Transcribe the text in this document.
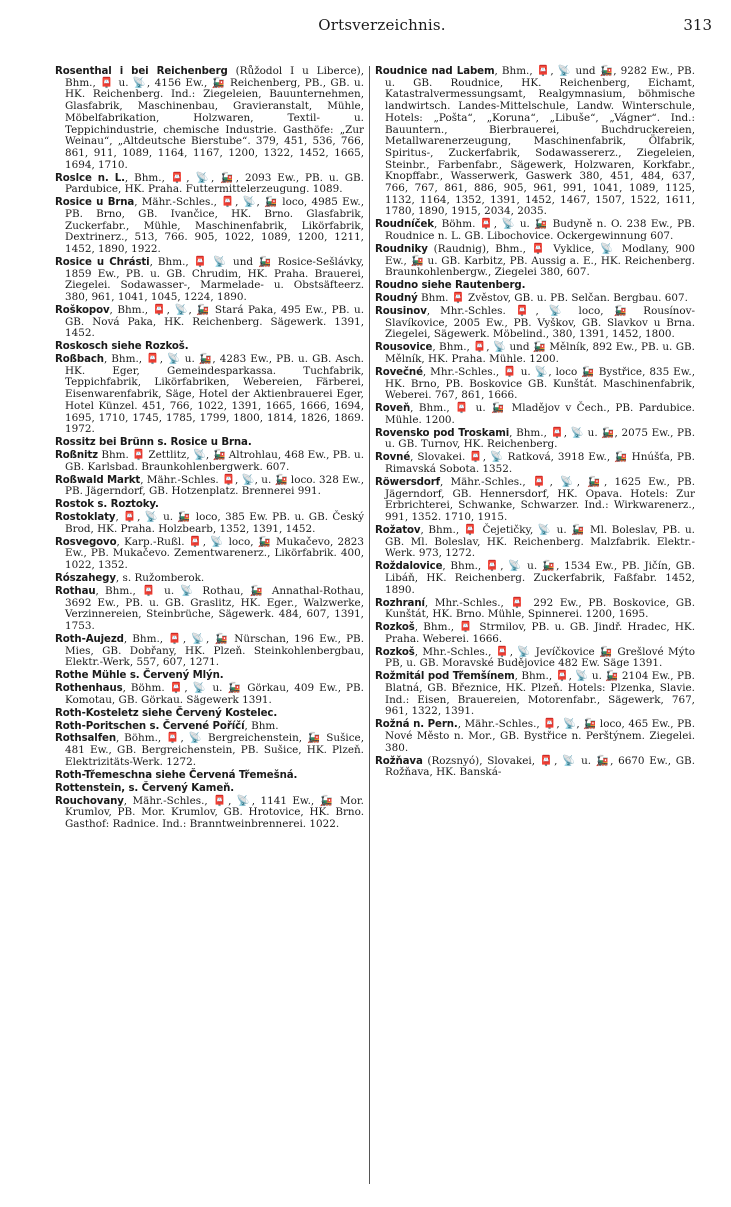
Ortsverzeichnis.	313

Rosenthal i bei Reichenberg (Růžodol I u Liberce), Bhm., 📮 u. 📡, 4156 Ew., 🚂 Reichenberg, PB., GB. u. HK. Reichenberg. Ind.: Ziegeleien, Bauunternehmen, Glasfabrik, Maschinenbau, Gravieranstalt, Mühle, Möbelfabrikation, Holzwaren, Textil- u. Teppichindustrie, chemische Industrie. Gasthöfe: „Zur Weinau“, „Altdeutsche Bierstube“. 379, 451, 536, 766, 861, 911, 1089, 1164, 1167, 1200, 1322, 1452, 1665, 1694, 1710.

Roslce n. L., Bhm., 📮, 📡, 🚂, 2093 Ew., PB. u. GB. Pardubice, HK. Praha. Futtermittelerzeugung. 1089.

Rosice u Brna, Mähr.-Schles., 📮, 📡, 🚂 loco, 4985 Ew., PB. Brno, GB. Ivančice, HK. Brno. Glasfabrik, Zuckerfabr., Mühle, Maschinenfabrik, Likörfabrik, Dextrinerz., 513, 766. 905, 1022, 1089, 1200, 1211, 1452, 1890, 1922.

Rosice u Chrásti, Bhm., 📮 📡 und 🚂 Rosice-Sešlávky, 1859 Ew., PB. u. GB. Chrudim, HK. Praha. Brauerei, Ziegelei. Sodawasser-, Marmelade- u. Obstsäfteerz. 380, 961, 1041, 1045, 1224, 1890.

Roškopov, Bhm., 📮, 📡, 🚂 Stará Paka, 495 Ew., PB. u. GB. Nová Paka, HK. Reichenberg. Sägewerk. 1391, 1452.

Roskosch siehe Rozkoš.

Roßbach, Bhm., 📮, 📡 u. 🚂, 4283 Ew., PB. u. GB. Asch. HK. Eger, Gemeindesparkassa. Tuchfabrik, Teppichfabrik, Likörfabriken, Webereien, Färberei, Eisenwarenfabrik, Säge, Hotel der Aktienbrauerei Eger, Hotel Künzel. 451, 766, 1022, 1391, 1665, 1666, 1694, 1695, 1710, 1745, 1785, 1799, 1800, 1814, 1826, 1869. 1972.

Rossitz bei Brünn s. Rosice u Brna.

Roßnitz Bhm. 📮 Zettlitz, 📡, 🚂 Altrohlau, 468 Ew., PB. u. GB. Karlsbad. Braunkohlenbergwerk. 607.

Roßwald Markt, Mähr.-Schles. 📮, 📡, u. 🚂 loco. 328 Ew., PB. Jägerndorf, GB. Hotzenplatz. Brennerei 991.

Rostok s. Roztoky.

Rostoklaty, 📮, 📡 u. 🚂 loco, 385 Ew. PB. u. GB. Český Brod, HK. Praha. Holzbearb, 1352, 1391, 1452.

Rosvegovo, Karp.-Rußl. 📮, 📡 loco, 🚂 Mukačevo, 2823 Ew., PB. Mukačevo. Zementwarenerz., Likörfabrik. 400, 1022, 1352.

Rószahegy, s. Ružomberok.

Rothau, Bhm., 📮 u. 📡 Rothau, 🚂 Annathal-Rothau, 3692 Ew., PB. u. GB. Graslitz, HK. Eger., Walzwerke, Verzinnereien, Steinbrüche, Sägewerk. 484, 607, 1391, 1753.

Roth-Aujezd, Bhm., 📮, 📡, 🚂 Nürschan, 196 Ew., PB. Mies, GB. Dobřany, HK. Plzeň. Steinkohlenbergbau, Elektr.-Werk, 557, 607, 1271.

Rothe Mühle s. Červený Mlýn.

Rothenhaus, Böhm. 📮, 📡 u. 🚂 Görkau, 409 Ew., PB. Komotau, GB. Görkau. Sägewerk 1391.

Roth-Kosteletz siehe Červený Kostelec.

Roth-Poritschen s. Červené Poříčí, Bhm.

Rothsalfen, Böhm., 📮, 📡 Bergreichenstein, 🚂 Sušice, 481 Ew., GB. Bergreichenstein, PB. Sušice, HK. Plzeň. Elektrizitäts-Werk. 1272.

Roth-Třemeschna siehe Červená Třemešná.

Rottenstein, s. Červený Kameň.

Rouchovany, Mähr.-Schles., 📮, 📡, 1141 Ew., 🚂 Mor. Krumlov, PB. Mor. Krumlov, GB. Hrotovice, HK. Brno. Gasthof: Radnice. Ind.: Branntweinbrennerei. 1022.

Roudnice nad Labem, Bhm., 📮, 📡 und 🚂, 9282 Ew., PB. u. GB. Roudnice, HK. Reichenberg, Eichamt, Katastralvermessungsamt, Realgymnasium, böhmische landwirtsch. Landes-Mittelschule, Landw. Winterschule, Hotels: „Pošta“, „Koruna“, „Libuše“, „Vágner“. Ind.: Bauuntern., Bierbrauerei, Buchdruckereien, Metallwarenerzeugung, Maschinenfabrik, Ölfabrik, Spiritus-, Zuckerfabrik, Sodawassererz., Ziegeleien, Steinbr., Farbenfabr., Sägewerk, Holzwaren, Korkfabr., Knopffabr., Wasserwerk, Gaswerk 380, 451, 484, 637, 766, 767, 861, 886, 905, 961, 991, 1041, 1089, 1125, 1132, 1164, 1352, 1391, 1452, 1467, 1507, 1522, 1611, 1780, 1890, 1915, 2034, 2035.

Roudníček, Böhm. 📮, 📡 u. 🚂 Budyně n. O. 238 Ew., PB. Roudnice n. L. GB. Libochovice. Ockergewinnung 607.

Roudniky (Raudnig), Bhm., 📮 Vyklice, 📡 Modlany, 900 Ew., 🚂 u. GB. Karbitz, PB. Aussig a. E., HK. Reichenberg. Braunkohlenbergw., Ziegelei 380, 607.

Roudno siehe Rautenberg.

Roudný Bhm. 📮 Zvěstov, GB. u. PB. Selčan. Bergbau. 607.

Rousinov, Mhr.-Schles. 📮, 📡 loco, 🚂 Rousínov-Slavíkovice, 2005 Ew., PB. Vyškov, GB. Slavkov u Brna. Ziegelei, Sägewerk. Möbelind., 380, 1391, 1452, 1800.

Rousovice, Bhm., 📮, 📡 und 🚂 Mělník, 892 Ew., PB. u. GB. Mělník, HK. Praha. Mühle. 1200.

Rovečné, Mhr.-Schles., 📮 u. 📡, loco 🚂 Bystřice, 835 Ew., HK. Brno, PB. Boskovice GB. Kunštát. Maschinenfabrik, Weberei. 767, 861, 1666.

Roveň, Bhm., 📮 u. 🚂 Mladějov v Čech., PB. Pardubice. Mühle. 1200.

Rovensko pod Troskami, Bhm., 📮, 📡 u. 🚂, 2075 Ew., PB. u. GB. Turnov, HK. Reichenberg.

Rovné, Slovakei. 📮, 📡 Ratková, 3918 Ew., 🚂 Hnúšťa, PB. Rimavská Sobota. 1352.

Röwersdorf, Mähr.-Schles., 📮, 📡, 🚂, 1625 Ew., PB. Jägerndorf, GB. Hennersdorf, HK. Opava. Hotels: Zur Erbrichterei, Schwanke, Schwarzer. Ind.: Wirkwarenerz., 991, 1352. 1710, 1915.

Rožatov, Bhm., 📮 Čejetičky, 📡 u. 🚂 Ml. Boleslav, PB. u. GB. Ml. Boleslav, HK. Reichenberg. Malzfabrik. Elektr.-Werk. 973, 1272.

Roždalovice, Bhm., 📮, 📡 u. 🚂, 1534 Ew., PB. Jičín, GB. Libáň, HK. Reichenberg. Zuckerfabrik, Faßfabr. 1452, 1890.

Rozhraní, Mhr.-Schles., 📮 292 Ew., PB. Boskovice, GB. Kunštát, HK. Brno. Mühle, Spinnerei. 1200, 1695.

Rozkoš, Bhm., 📮 Strmilov, PB. u. GB. Jindř. Hradec, HK. Praha. Weberei. 1666.

Rozkoš, Mhr.-Schles., 📮, 📡 Jevíčkovice 🚂 Grešlové Mýto PB, u. GB. Moravské Budějovice 482 Ew. Säge 1391.

Rožmitál pod Třemšínem, Bhm., 📮, 📡 u. 🚂 2104 Ew., PB. Blatná, GB. Březnice, HK. Plzeň. Hotels: Plzenka, Slavie. Ind.: Eisen, Brauereien, Motorenfabr., Sägewerk, 767, 961, 1322, 1391.

Rožná n. Pern., Mähr.-Schles., 📮, 📡, 🚂 loco, 465 Ew., PB. Nové Město n. Mor., GB. Bystřice n. Perštýnem. Ziegelei. 380.

Rožňava (Rozsnyó), Slovakei, 📮, 📡 u. 🚂, 6670 Ew., GB. Rožňava, HK. Banská-
